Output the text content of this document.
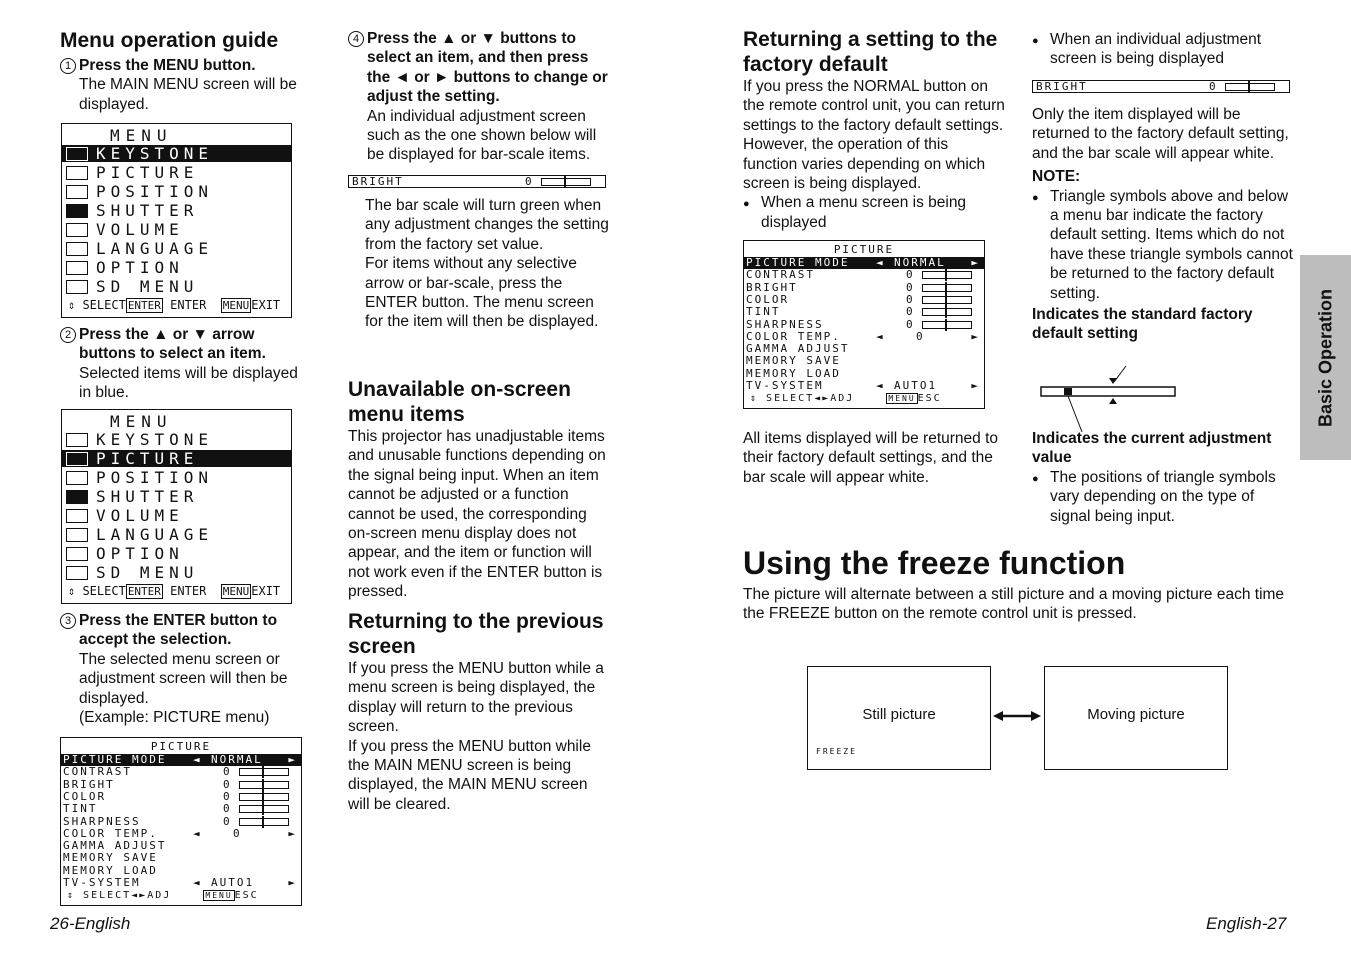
Menu operation guide
1 Press the MENU button.

The MAIN MENU screen will be displayed.

MENU
KEYSTONE
PICTURE
POSITION
SHUTTER
VOLUME
LANGUAGE
OPTION
SD MENU
⇕ SELECT ENTER ENTER MENU EXIT
2 Press the ▲ or ▼ arrow buttons to select an item.

Selected items will be displayed in blue.

MENU
KEYSTONE
PICTURE
POSITION
SHUTTER
VOLUME
LANGUAGE
OPTION
SD MENU
⇕ SELECT ENTER ENTER MENU EXIT
3 Press the ENTER button to accept the selection.

The selected menu screen or adjustment screen will then be displayed.

(Example: PICTURE menu)

PICTURE
PICTURE MODE ◄ NORMAL ►
CONTRAST	0
BRIGHT	0
COLOR	0
TINT	0
SHARPNESS	0
COLOR TEMP.	◄	0	►
GAMMA ADJUST
MEMORY SAVE
MEMORY LOAD
TV-SYSTEM	◄ AUTO1	►
⇕ SELECT◄►ADJ	MENU ESC
4 Press the ▲ or ▼ buttons to select an item, and then press the ◄ or ► buttons to change or adjust the setting.

An individual adjustment screen such as the one shown below will be displayed for bar-scale items.

BRIGHT	0

The bar scale will turn green when any adjustment changes the setting from the factory set value.

For items without any selective arrow or bar-scale, press the ENTER button. The menu screen for the item will then be displayed.

Unavailable on-screen menu items

This projector has unadjustable items and unusable functions depending on the signal being input. When an item cannot be adjusted or a function cannot be used, the corresponding on-screen menu display does not appear, and the item or function will not work even if the ENTER button is pressed.

Returning to the previous screen

If you press the MENU button while a menu screen is being displayed, the display will return to the previous screen.

If you press the MENU button while the MAIN MENU screen is being displayed, the MAIN MENU screen will be cleared.

Returning a setting to the factory default

If you press the NORMAL button on the remote control unit, you can return settings to the factory default settings. However, the operation of this function varies depending on which screen is being displayed.

●
When a menu screen is being displayed
PICTURE
PICTURE MODE ◄ NORMAL ►
CONTRAST	0
BRIGHT	0
COLOR	0
TINT	0
SHARPNESS	0
COLOR TEMP.	◄	0	►
GAMMA ADJUST
MEMORY SAVE
MEMORY LOAD
TV-SYSTEM	◄ AUTO1	►
⇕ SELECT◄►ADJ	MENU ESC

All items displayed will be returned to their factory default settings, and the bar scale will appear white.

●
When an individual adjustment screen is being displayed
BRIGHT	0

Only the item displayed will be returned to the factory default setting, and the bar scale will appear white.

NOTE:

●
Triangle symbols above and below a menu bar indicate the factory default setting. Items which do not have these triangle symbols cannot be returned to the factory default setting.

Indicates the standard factory default setting

Indicates the current adjustment value

●
The positions of triangle symbols vary depending on the type of signal being input.
Basic Operation
Using the freeze function

The picture will alternate between a still picture and a moving picture each time the FREEZE button on the remote control unit is pressed.

Still picture
FREEZE
Moving picture
26-English	English-27
